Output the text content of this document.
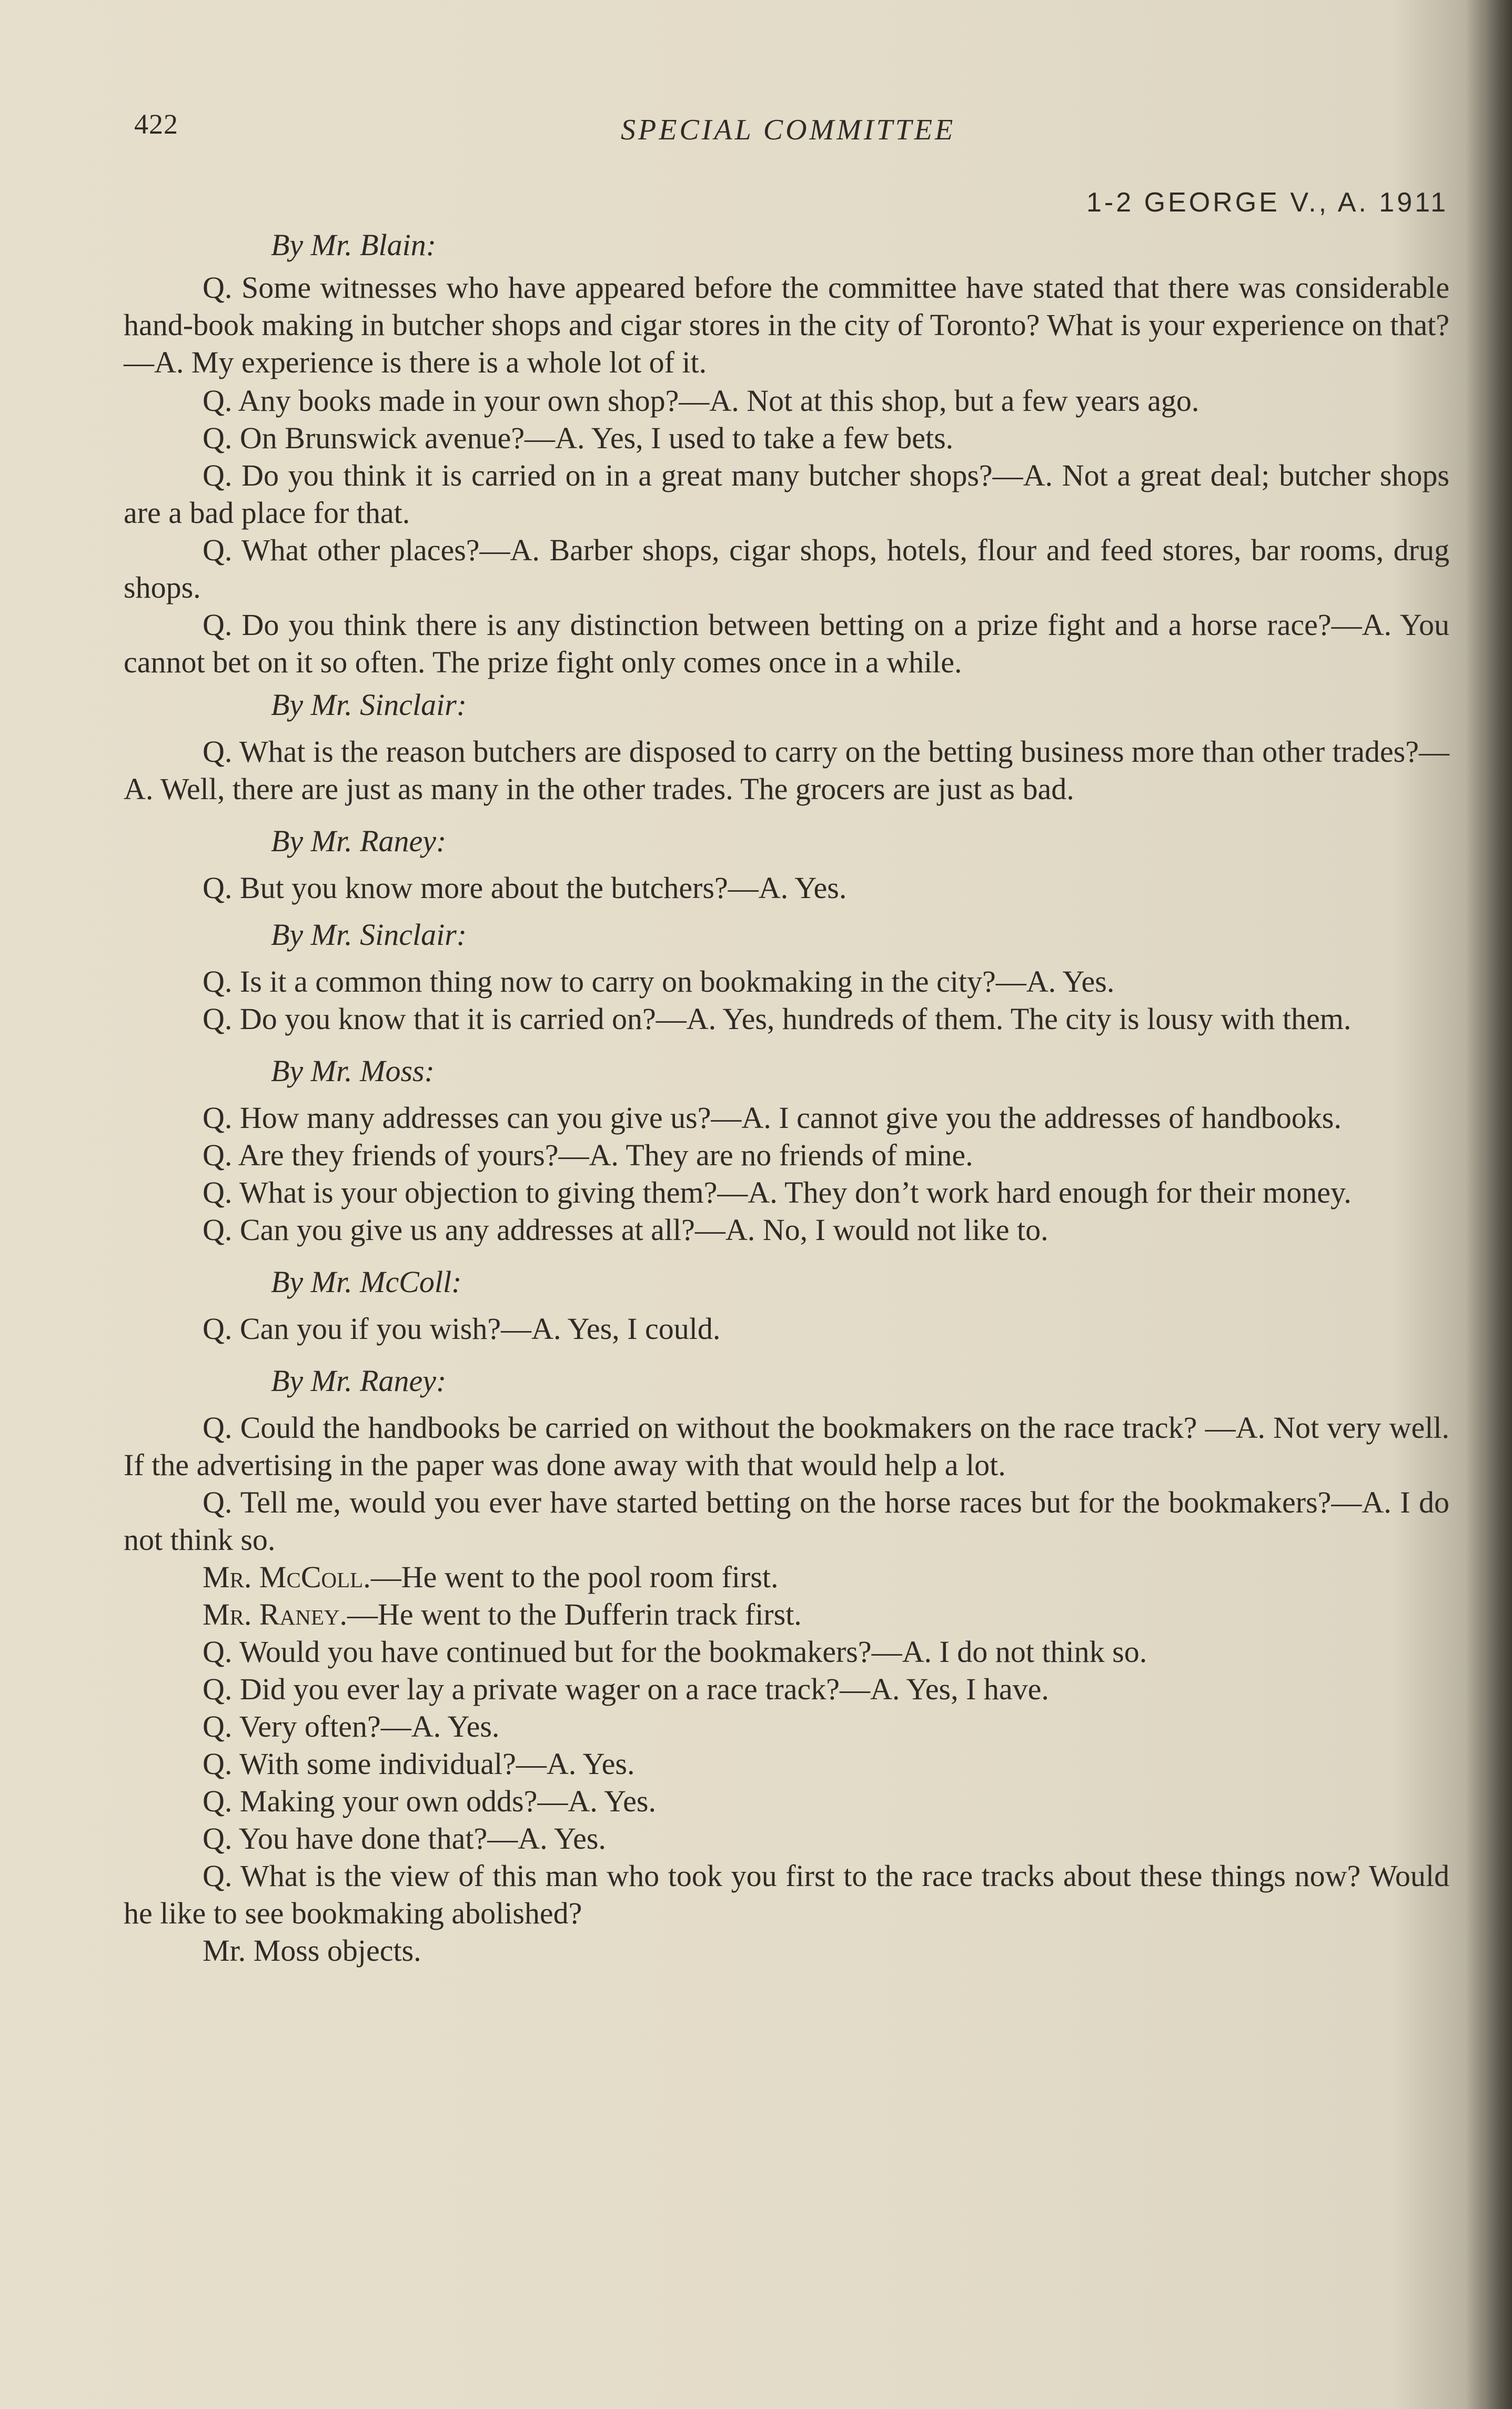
422	SPECIAL COMMITTEE
1-2 GEORGE V., A. 1911
By Mr. Blain:
Q. Some witnesses who have appeared before the committee have stated that there was considerable hand-book making in butcher shops and cigar stores in the city of Toronto? What is your experience on that?—A. My experience is there is a whole lot of it.
Q. Any books made in your own shop?—A. Not at this shop, but a few years ago.
Q. On Brunswick avenue?—A. Yes, I used to take a few bets.
Q. Do you think it is carried on in a great many butcher shops?—A. Not a great deal; butcher shops are a bad place for that.
Q. What other places?—A. Barber shops, cigar shops, hotels, flour and feed stores, bar rooms, drug shops.
Q. Do you think there is any distinction between betting on a prize fight and a horse race?—A. You cannot bet on it so often. The prize fight only comes once in a while.
By Mr. Sinclair:
Q. What is the reason butchers are disposed to carry on the betting business more than other trades?—A. Well, there are just as many in the other trades. The grocers are just as bad.
By Mr. Raney:
Q. But you know more about the butchers?—A. Yes.
By Mr. Sinclair:
Q. Is it a common thing now to carry on bookmaking in the city?—A. Yes.
Q. Do you know that it is carried on?—A. Yes, hundreds of them. The city is lousy with them.
By Mr. Moss:
Q. How many addresses can you give us?—A. I cannot give you the addresses of handbooks.
Q. Are they friends of yours?—A. They are no friends of mine.
Q. What is your objection to giving them?—A. They don’t work hard enough for their money.
Q. Can you give us any addresses at all?—A. No, I would not like to.
By Mr. McColl:
Q. Can you if you wish?—A. Yes, I could.
By Mr. Raney:
Q. Could the handbooks be carried on without the bookmakers on the race track? —A. Not very well. If the advertising in the paper was done away with that would help a lot.
Q. Tell me, would you ever have started betting on the horse races but for the bookmakers?—A. I do not think so.
Mr. McColl.—He went to the pool room first.
Mr. Raney.—He went to the Dufferin track first.
Q. Would you have continued but for the bookmakers?—A. I do not think so.
Q. Did you ever lay a private wager on a race track?—A. Yes, I have.
Q. Very often?—A. Yes.
Q. With some individual?—A. Yes.
Q. Making your own odds?—A. Yes.
Q. You have done that?—A. Yes.
Q. What is the view of this man who took you first to the race tracks about these things now? Would he like to see bookmaking abolished?
Mr. Moss objects.
